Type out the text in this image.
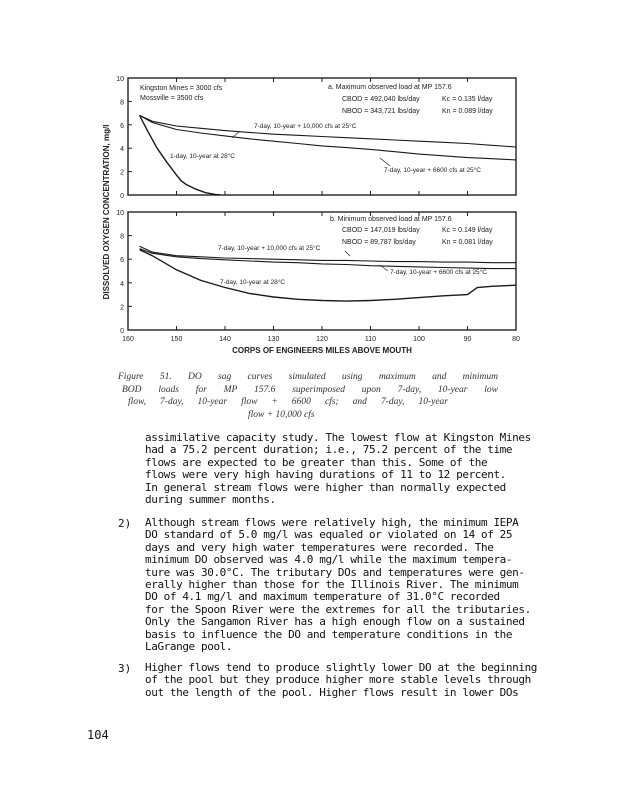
DISSOLVED OXYGEN CONCENTRATION, mg/l
CORPS OF ENGINEERS MILES ABOVE MOUTH
0
2
4
6
8
10
Kingston Mines = 3000 cfs
Mossville = 3500 cfs
a. Maximum observed load at MP 157.6
CBOD = 492,040 lbs/day	Kc = 0.135 l/day
NBOD = 343,721 lbs/day	Kn = 0.089 l/day
7-day, 10-year + 10,000 cfs at 25°C
1-day, 10-year at 28°C
7-day, 10-year + 6600 cfs at 25°C
0
2
4
6
8
10
b. Minimum observed load at MP 157.6
CBOD = 147,019 lbs/day	Kc = 0.149 l/day
NBOD = 89,787 lbs/day	Kn = 0.081 l/day
7-day, 10-year + 10,000 cfs at 25°C
7-day, 10-year at 28°C
7-day, 10-year + 6600 cfs at 25°C
160	150	140	130	120	110	100	90	80
Figure 51. DO sag curves simulated using maximum and minimum
BOD loads for MP 157.6 superimposed upon 7-day, 10-year low
flow, 7-day, 10-year flow + 6600 cfs; and 7-day, 10-year
flow + 10,000 cfs
assimilative capacity study. The lowest flow at Kingston Mines
had a 75.2 percent duration; i.e., 75.2 percent of the time
flows are expected to be greater than this. Some of the
flows were very high having durations of 11 to 12 percent.
In general stream flows were higher than normally expected
during summer months.
2) Although stream flows were relatively high, the minimum IEPA
DO standard of 5.0 mg/l was equaled or violated on 14 of 25
days and very high water temperatures were recorded. The
minimum DO observed was 4.0 mg/l while the maximum tempera-
ture was 30.0°C. The tributary DOs and temperatures were gen-
erally higher than those for the Illinois River. The minimum
DO of 4.1 mg/l and maximum temperature of 31.0°C recorded
for the Spoon River were the extremes for all the tributaries.
Only the Sangamon River has a high enough flow on a sustained
basis to influence the DO and temperature conditions in the
LaGrange pool.
3) Higher flows tend to produce slightly lower DO at the beginning
of the pool but they produce higher more stable levels through
out the length of the pool. Higher flows result in lower DOs
104
